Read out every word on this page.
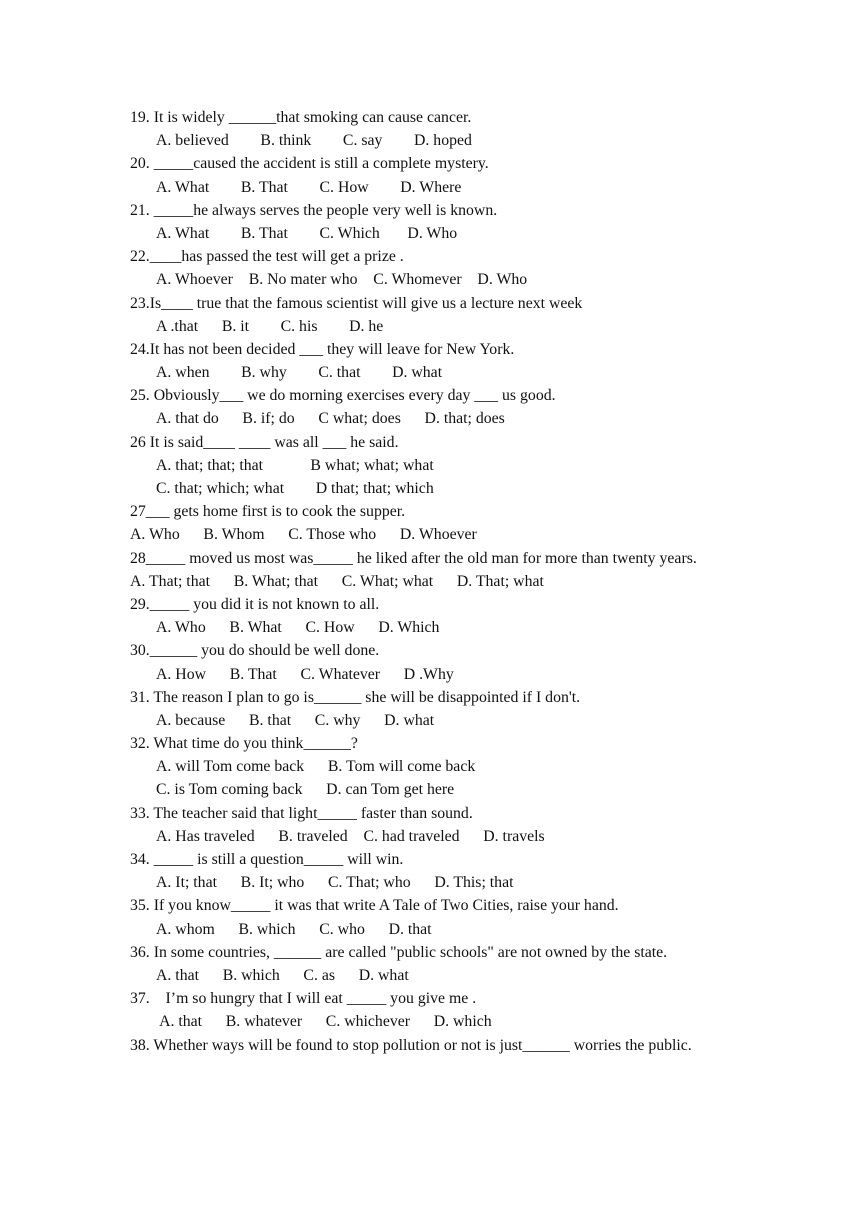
19. It is widely ______that smoking can cause cancer.
A. believed        B. think        C. say        D. hoped
20. _____caused the accident is still a complete mystery.
A. What        B. That        C. How        D. Where
21. _____he always serves the people very well is known.
A. What        B. That        C. Which       D. Who
22.____has passed the test will get a prize .
A. Whoever    B. No mater who    C. Whomever    D. Who
23.Is____ true that the famous scientist will give us a lecture next week
A .that      B. it        C. his        D. he
24.It has not been decided ___ they will leave for New York.
A. when        B. why        C. that        D. what
25. Obviously___ we do morning exercises every day ___ us good.
A. that do      B. if; do      C what; does      D. that; does
26 It is said____ ____ was all ___ he said.
A. that; that; that            B what; what; what
C. that; which; what        D that; that; which
27___ gets home first is to cook the supper.
A. Who      B. Whom      C. Those who      D. Whoever
28_____ moved us most was_____ he liked after the old man for more than twenty years.
A. That; that      B. What; that      C. What; what      D. That; what
29._____ you did it is not known to all.
A. Who      B. What      C. How      D. Which
30.______ you do should be well done.
A. How      B. That      C. Whatever      D .Why
31. The reason I plan to go is______ she will be disappointed if I don't.
A. because      B. that      C. why      D. what
32. What time do you think______?
A. will Tom come back      B. Tom will come back
C. is Tom coming back      D. can Tom get here
33. The teacher said that light_____ faster than sound.
A. Has traveled      B. traveled    C. had traveled      D. travels
34. _____ is still a question_____ will win.
A. It; that      B. It; who      C. That; who      D. This; that
35. If you know_____ it was that write A Tale of Two Cities, raise your hand.
A. whom      B. which      C. who      D. that
36. In some countries, ______ are called "public schools" are not owned by the state.
A. that      B. which      C. as      D. what
37.    I’m so hungry that I will eat _____ you give me .
A. that      B. whatever      C. whichever      D. which
38. Whether ways will be found to stop pollution or not is just______ worries the public.
